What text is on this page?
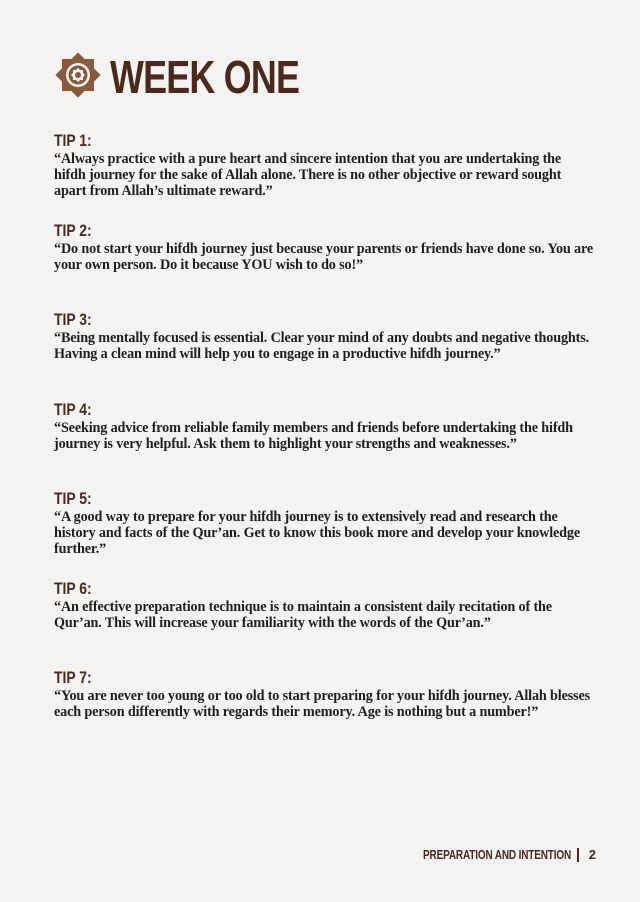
WEEK ONE
TIP 1:
“Always practice with a pure heart and sincere intention that you are undertaking the hifdh journey for the sake of Allah alone. There is no other objective or reward sought apart from Allah’s ultimate reward.”
TIP 2:
“Do not start your hifdh journey just because your parents or friends have done so. You are your own person. Do it because YOU wish to do so!”
TIP 3:
“Being mentally focused is essential. Clear your mind of any doubts and negative thoughts. Having a clean mind will help you to engage in a productive hifdh journey.”
TIP 4:
“Seeking advice from reliable family members and friends before undertaking the hifdh journey is very helpful. Ask them to highlight your strengths and weaknesses.”
TIP 5:
“A good way to prepare for your hifdh journey is to extensively read and research the history and facts of the Qur’an. Get to know this book more and develop your knowledge further.”
TIP 6:
“An effective preparation technique is to maintain a consistent daily recitation of the Qur’an. This will increase your familiarity with the words of the Qur’an.”
TIP 7:
“You are never too young or too old to start preparing for your hifdh journey. Allah blesses each person differently with regards their memory. Age is nothing but a number!”
PREPARATION AND INTENTION 2
